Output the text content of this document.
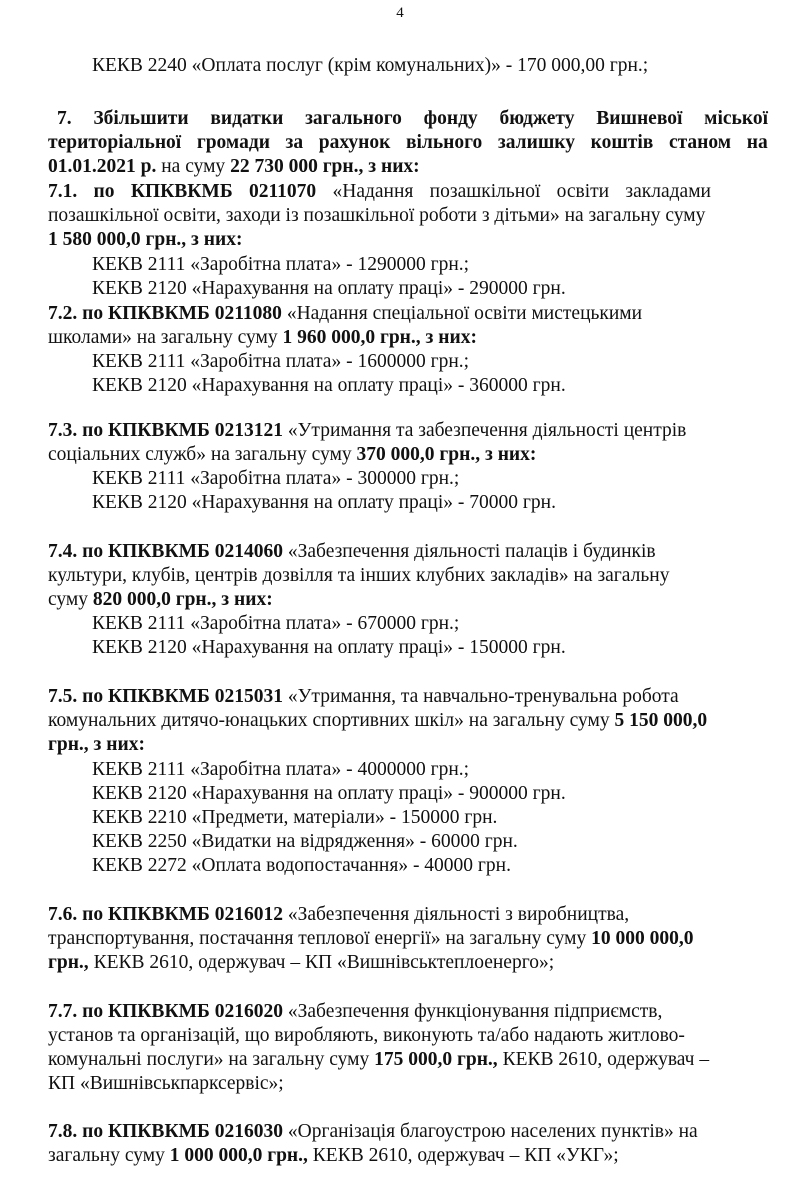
4
КЕКВ 2240 «Оплата послуг (крім комунальних)» - 170 000,00 грн.;
7. Збільшити видатки загального фонду бюджету Вишневої міської
територіальної громади за рахунок вільного залишку коштів станом на
01.01.2021 р. на суму 22 730 000 грн., з них:
7.1. по КПКВКМБ 0211070 «Надання позашкільної освіти закладами
позашкільної освіти, заходи із позашкільної роботи з дітьми» на загальну суму
1 580 000,0 грн., з них:
КЕКВ 2111 «Заробітна плата» - 1290000 грн.;
КЕКВ 2120 «Нарахування на оплату праці» - 290000 грн.
7.2. по КПКВКМБ 0211080 «Надання спеціальної освіти мистецькими
школами» на загальну суму 1 960 000,0 грн., з них:
КЕКВ 2111 «Заробітна плата» - 1600000 грн.;
КЕКВ 2120 «Нарахування на оплату праці» - 360000 грн.
7.3. по КПКВКМБ 0213121 «Утримання та забезпечення діяльності центрів
соціальних служб» на загальну суму 370 000,0 грн., з них:
КЕКВ 2111 «Заробітна плата» - 300000 грн.;
КЕКВ 2120 «Нарахування на оплату праці» - 70000 грн.
7.4. по КПКВКМБ 0214060 «Забезпечення діяльності палаців і будинків
культури, клубів, центрів дозвілля та інших клубних закладів» на загальну
суму 820 000,0 грн., з них:
КЕКВ 2111 «Заробітна плата» - 670000 грн.;
КЕКВ 2120 «Нарахування на оплату праці» - 150000 грн.
7.5. по КПКВКМБ 0215031 «Утримання, та навчально-тренувальна робота
комунальних дитячо-юнацьких спортивних шкіл» на загальну суму 5 150 000,0
грн., з них:
КЕКВ 2111 «Заробітна плата» - 4000000 грн.;
КЕКВ 2120 «Нарахування на оплату праці» - 900000 грн.
КЕКВ 2210 «Предмети, матеріали» - 150000 грн.
КЕКВ 2250 «Видатки на відрядження» - 60000 грн.
КЕКВ 2272 «Оплата водопостачання» - 40000 грн.
7.6. по КПКВКМБ 0216012 «Забезпечення діяльності з виробництва,
транспортування, постачання теплової енергії» на загальну суму 10 000 000,0
грн., КЕКВ 2610, одержувач – КП «Вишнівськтеплоенерго»;
7.7. по КПКВКМБ 0216020 «Забезпечення функціонування підприємств,
установ та організацій, що виробляють, виконують та/або надають житлово-
комунальні послуги» на загальну суму 175 000,0 грн., КЕКВ 2610, одержувач –
КП «Вишнівськпарксервіс»;
7.8. по КПКВКМБ 0216030 «Організація благоустрою населених пунктів» на
загальну суму 1 000 000,0 грн., КЕКВ 2610, одержувач – КП «УКГ»;
